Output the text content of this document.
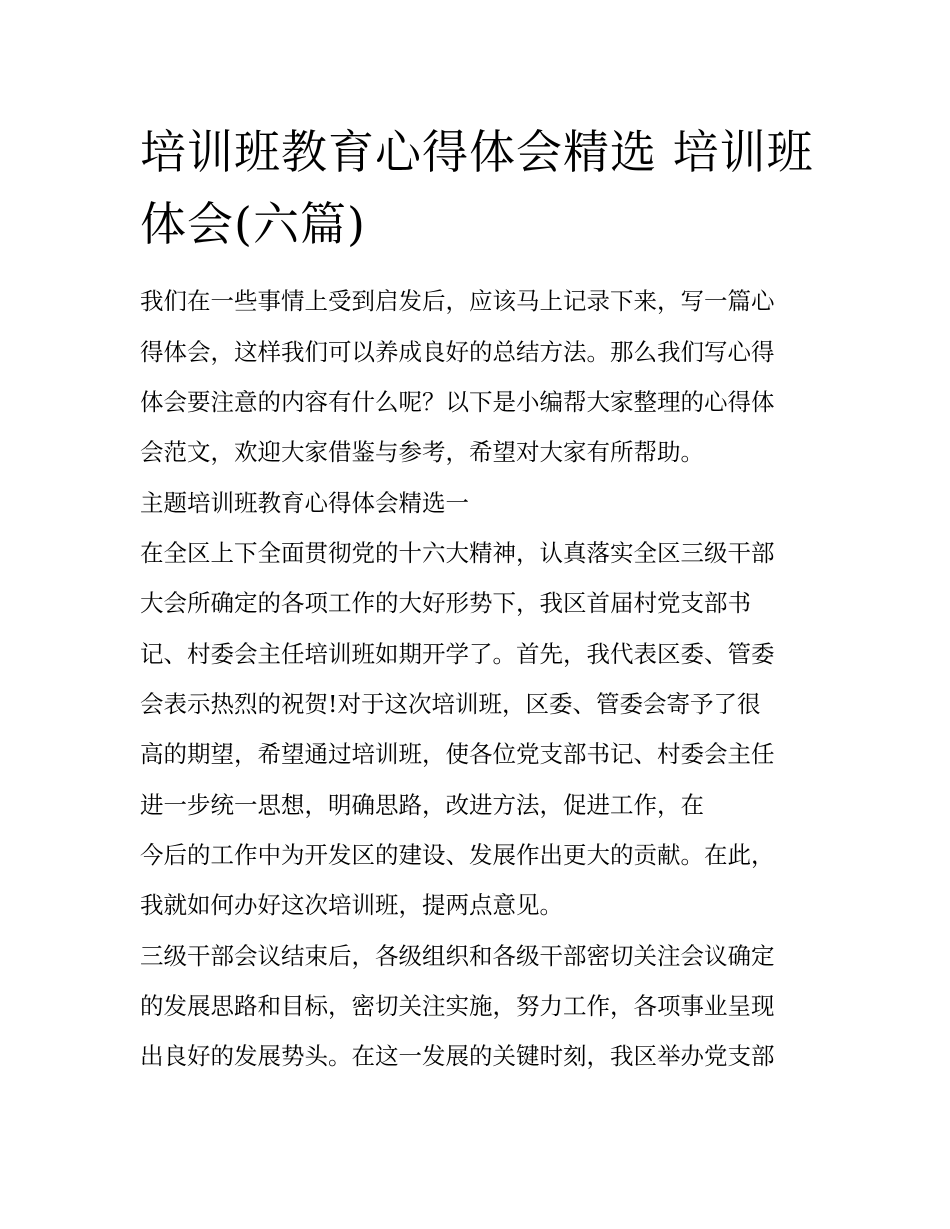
培训班教育心得体会精选 培训班 体会(六篇)

我们在一些事情上受到启发后，应该马上记录下来，写一篇心

得体会，这样我们可以养成良好的总结方法。那么我们写心得

体会要注意的内容有什么呢？以下是小编帮大家整理的心得体

会范文，欢迎大家借鉴与参考，希望对大家有所帮助。

主题培训班教育心得体会精选一

在全区上下全面贯彻党的十六大精神，认真落实全区三级干部

大会所确定的各项工作的大好形势下，我区首届村党支部书

记、村委会主任培训班如期开学了。首先，我代表区委、管委

会表示热烈的祝贺!对于这次培训班，区委、管委会寄予了很

高的期望，希望通过培训班，使各位党支部书记、村委会主任

进一步统一思想，明确思路，改进方法，促进工作，在

今后的工作中为开发区的建设、发展作出更大的贡献。在此，

我就如何办好这次培训班，提两点意见。

三级干部会议结束后，各级组织和各级干部密切关注会议确定

的发展思路和目标，密切关注实施，努力工作，各项事业呈现

出良好的发展势头。在这一发展的关键时刻，我区举办党支部
